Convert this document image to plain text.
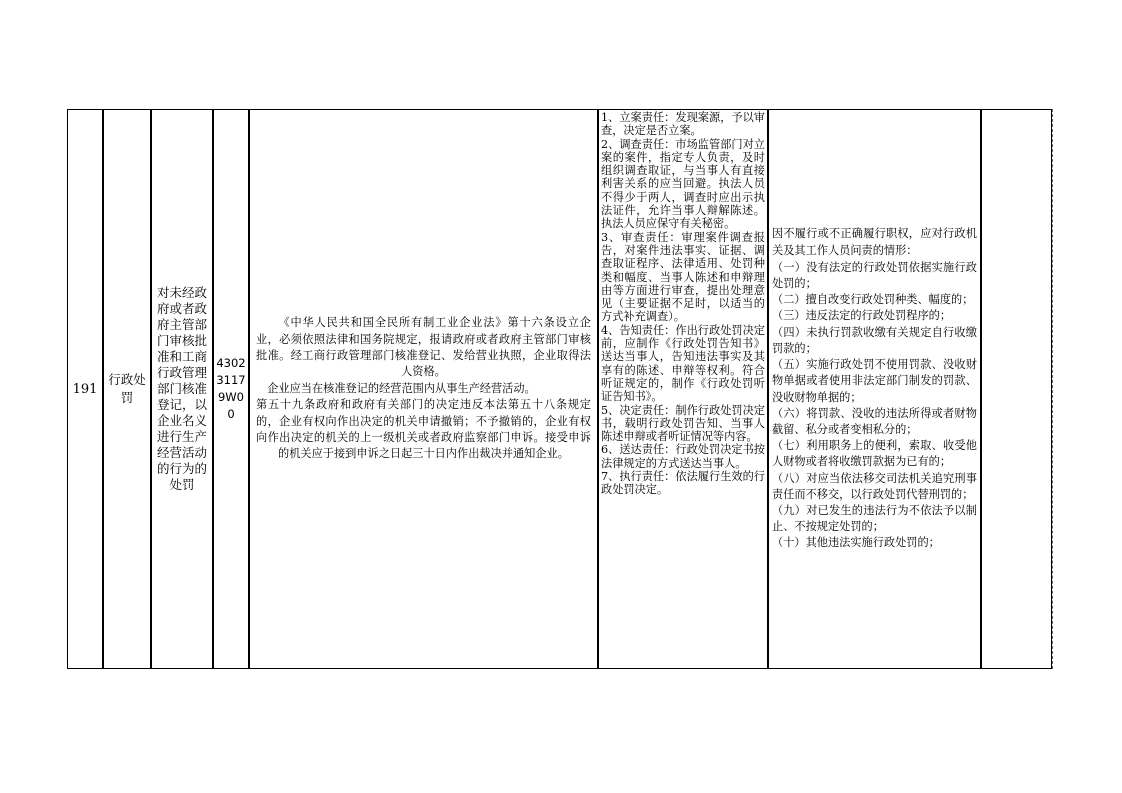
191
行政处罚
对未经政府或者政府主管部门审核批准和工商行政管理部门核准登记，以企业名义进行生产经营活动的行为的处罚
43023117 9W00

《中华人民共和国全民所有制工业企业法》第十六条设立企业，必须依照法律和国务院规定，报请政府或者政府主管部门审核批准。经工商行政管理部门核准登记、发给营业执照，企业取得法人资格。

企业应当在核准登记的经营范围内从事生产经营活动。

第五十九条政府和政府有关部门的决定违反本法第五十八条规定的，企业有权向作出决定的机关申请撤销；不予撤销的，企业有权向作出决定的机关的上一级机关或者政府监察部门申诉。接受申诉的机关应于接到申诉之日起三十日内作出裁决并通知企业。

1、立案责任：发现案源，予以审查，决定是否立案。

2、调查责任：市场监管部门对立案的案件，指定专人负责，及时组织调查取证，与当事人有直接利害关系的应当回避。执法人员不得少于两人，调查时应出示执法证件，允许当事人辩解陈述。执法人员应保守有关秘密。

3、审查责任：审理案件调查报告，对案件违法事实、证据、调查取证程序、法律适用、处罚种类和幅度、当事人陈述和申辩理由等方面进行审查，提出处理意见（主要证据不足时，以适当的方式补充调查）。

4、告知责任：作出行政处罚决定前，应制作《行政处罚告知书》送达当事人，告知违法事实及其享有的陈述、申辩等权利。符合听证规定的，制作《行政处罚听证告知书》。

5、决定责任：制作行政处罚决定书，载明行政处罚告知、当事人陈述申辩或者听证情况等内容。

6、送达责任：行政处罚决定书按法律规定的方式送达当事人。

7、执行责任：依法履行生效的行政处罚决定。

因不履行或不正确履行职权，应对行政机关及其工作人员问责的情形：

（一）没有法定的行政处罚依据实施行政处罚的；

（二）擅自改变行政处罚种类、幅度的；

（三）违反法定的行政处罚程序的；

（四）未执行罚款收缴有关规定自行收缴罚款的；

（五）实施行政处罚不使用罚款、没收财物单据或者使用非法定部门制发的罚款、没收财物单据的；

（六）将罚款、没收的违法所得或者财物截留、私分或者变相私分的；

（七）利用职务上的便利，索取、收受他人财物或者将收缴罚款据为已有的；

（八）对应当依法移交司法机关追究刑事责任而不移交，以行政处罚代替刑罚的；

（九）对已发生的违法行为不依法予以制止、不按规定处罚的；

（十）其他违法实施行政处罚的；
